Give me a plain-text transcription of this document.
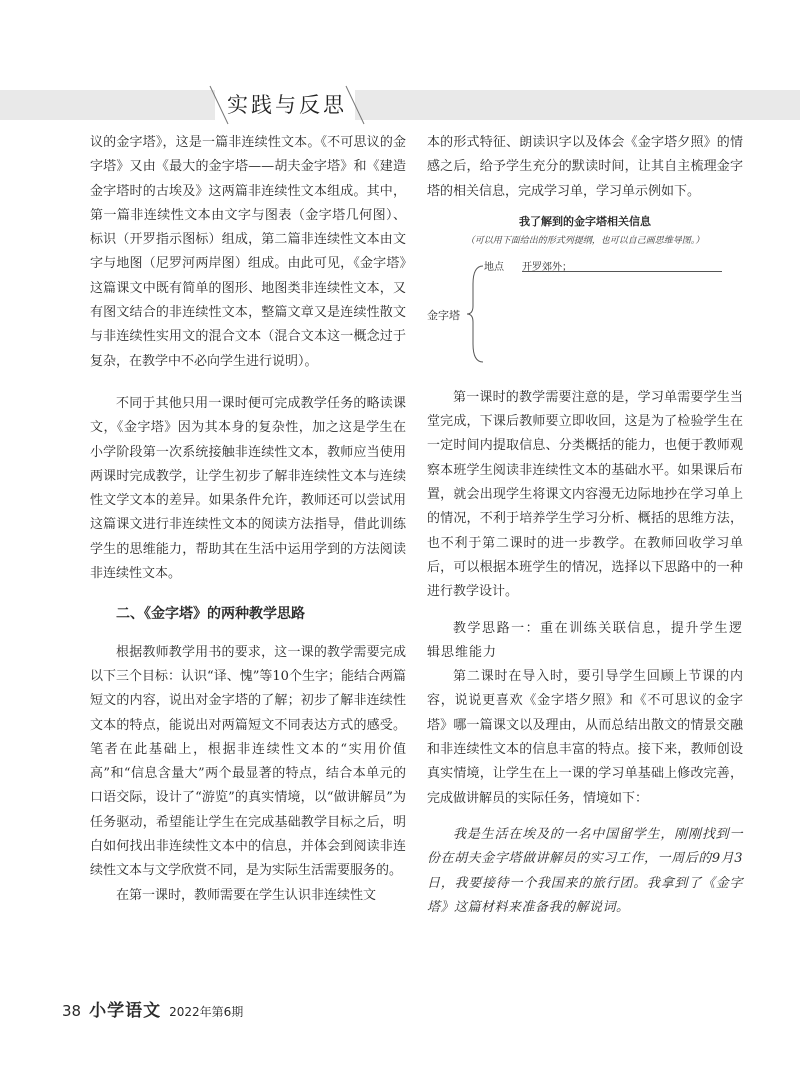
实践与反思

议的金字塔》，这是一篇非连续性文本。《不可思议的金字塔》又由《最大的金字塔——胡夫金字塔》和《建造金字塔时的古埃及》这两篇非连续性文本组成。其中，第一篇非连续性文本由文字与图表（金字塔几何图）、标识（开罗指示图标）组成，第二篇非连续性文本由文字与地图（尼罗河两岸图）组成。由此可见，《金字塔》这篇课文中既有简单的图形、地图类非连续性文本，又有图文结合的非连续性文本，整篇文章又是连续性散文与非连续性实用文的混合文本（混合文本这一概念过于复杂，在教学中不必向学生进行说明）。

不同于其他只用一课时便可完成教学任务的略读课文，《金字塔》因为其本身的复杂性，加之这是学生在小学阶段第一次系统接触非连续性文本，教师应当使用两课时完成教学，让学生初步了解非连续性文本与连续性文学文本的差异。如果条件允许，教师还可以尝试用这篇课文进行非连续性文本的阅读方法指导，借此训练学生的思维能力，帮助其在生活中运用学到的方法阅读非连续性文本。

二、《金字塔》的两种教学思路

根据教师教学用书的要求，这一课的教学需要完成以下三个目标：认识“译、愧”等10个生字；能结合两篇短文的内容，说出对金字塔的了解；初步了解非连续性文本的特点，能说出对两篇短文不同表达方式的感受。笔者在此基础上，根据非连续性文本的“实用价值高”和“信息含量大”两个最显著的特点，结合本单元的口语交际，设计了“游览”的真实情境，以“做讲解员”为任务驱动，希望能让学生在完成基础教学目标之后，明白如何找出非连续性文本中的信息，并体会到阅读非连续性文本与文学欣赏不同，是为实际生活需要服务的。

在第一课时，教师需要在学生认识非连续性文

本的形式特征、朗读识字以及体会《金字塔夕照》的情感之后，给予学生充分的默读时间，让其自主梳理金字塔的相关信息，完成学习单，学习单示例如下。

我了解到的金字塔相关信息

（可以用下面给出的形式列提纲，也可以自己画思维导图。）

金字塔
地点 开罗郊外；

第一课时的教学需要注意的是，学习单需要学生当堂完成，下课后教师要立即收回，这是为了检验学生在一定时间内提取信息、分类概括的能力，也便于教师观察本班学生阅读非连续性文本的基础水平。如果课后布置，就会出现学生将课文内容漫无边际地抄在学习单上的情况，不利于培养学生学习分析、概括的思维方法，也不利于第二课时的进一步教学。在教师回收学习单后，可以根据本班学生的情况，选择以下思路中的一种进行教学设计。

教学思路一：重在训练关联信息，提升学生逻辑思维能力

第二课时在导入时，要引导学生回顾上节课的内容，说说更喜欢《金字塔夕照》和《不可思议的金字塔》哪一篇课文以及理由，从而总结出散文的情景交融和非连续性文本的信息丰富的特点。接下来，教师创设真实情境，让学生在上一课的学习单基础上修改完善，完成做讲解员的实际任务，情境如下：

我是生活在埃及的一名中国留学生，刚刚找到一份在胡夫金字塔做讲解员的实习工作，一周后的9月3日，我要接待一个我国来的旅行团。我拿到了《金字塔》这篇材料来准备我的解说词。

38 小学语文 2022年第6期
